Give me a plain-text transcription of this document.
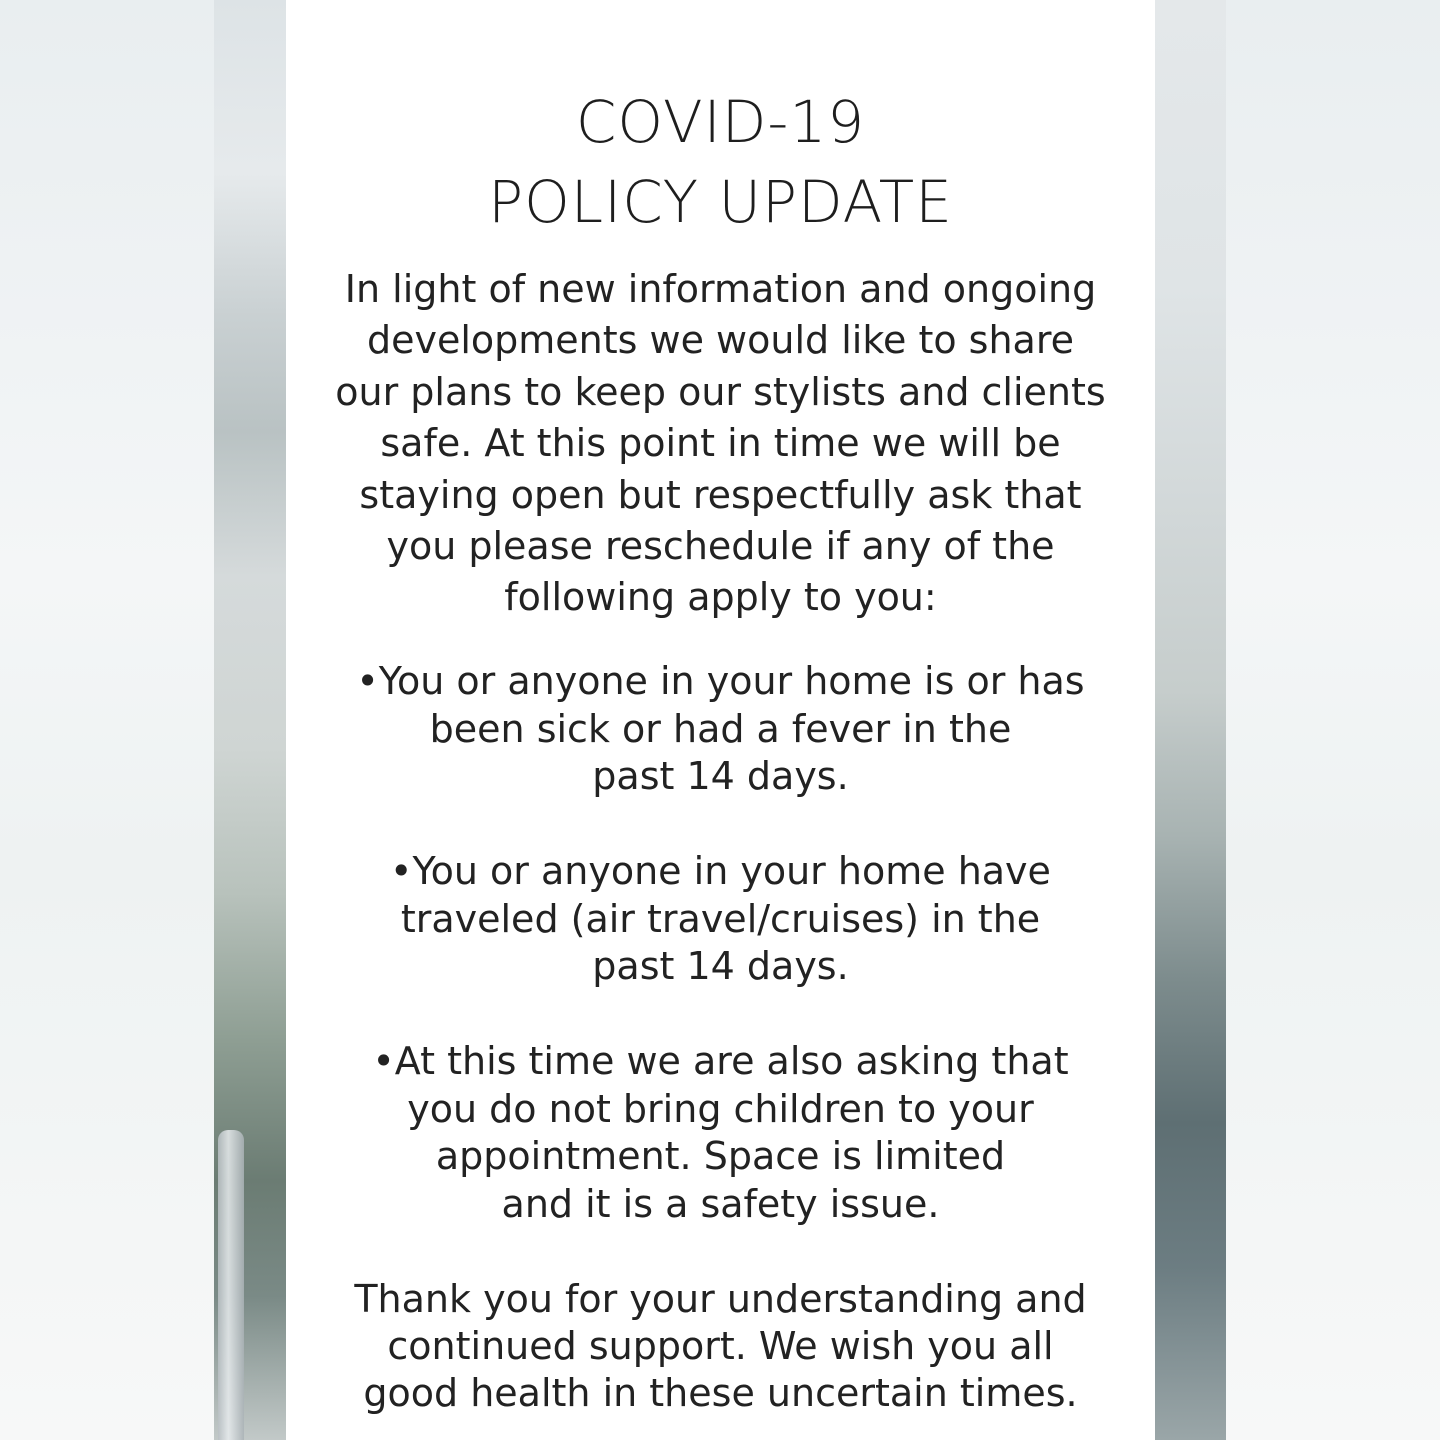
COVID-19
POLICY UPDATE
In light of new information and ongoing
developments we would like to share
our plans to keep our stylists and clients
safe. At this point in time we will be
staying open but respectfully ask that
you please reschedule if any of the
following apply to you:
•You or anyone in your home is or has
been sick or had a fever in the
past 14 days.
•You or anyone in your home have
traveled (air travel/cruises) in the
past 14 days.
•At this time we are also asking that
you do not bring children to your
appointment. Space is limited
and it is a safety issue.
Thank you for your understanding and
continued support. We wish you all
good health in these uncertain times.
